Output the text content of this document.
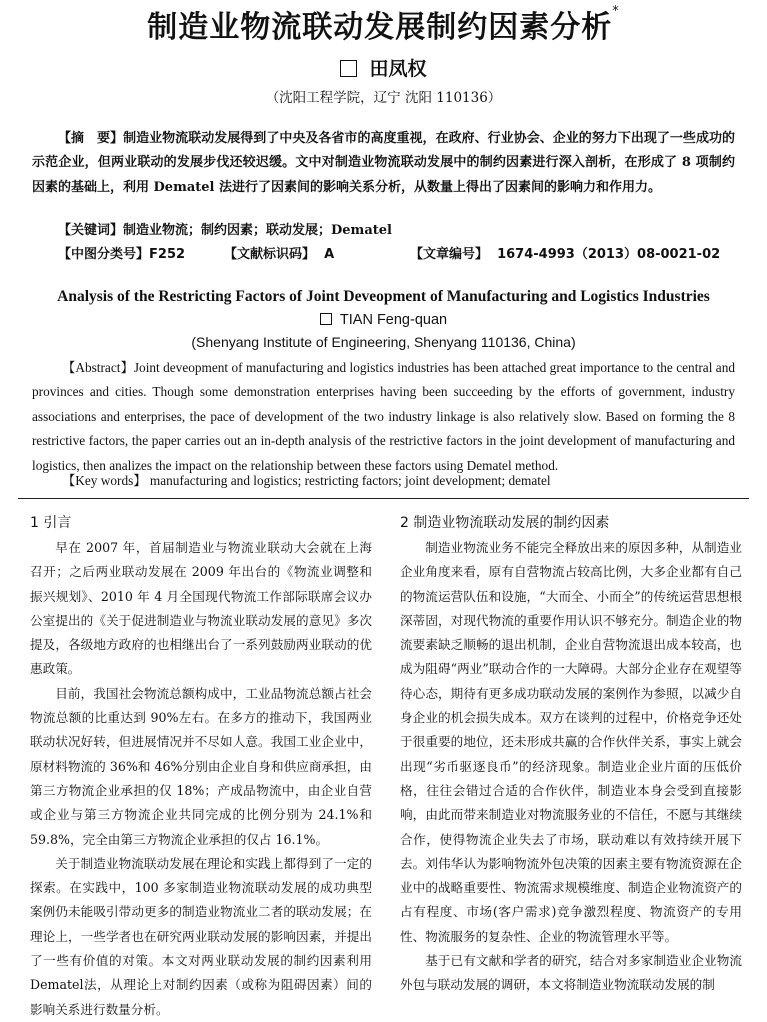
制造业物流联动发展制约因素分析*
田凤权
（沈阳工程学院，辽宁 沈阳 110136）

【摘　要】制造业物流联动发展得到了中央及各省市的高度重视，在政府、行业协会、企业的努力下出现了一些成功的示范企业，但两业联动的发展步伐还较迟缓。文中对制造业物流联动发展中的制约因素进行深入剖析，在形成了 8 项制约因素的基础上，利用 Dematel 法进行了因素间的影响关系分析，从数量上得出了因素间的影响力和作用力。

【关键词】制造业物流；制约因素；联动发展；Dematel
【中图分类号】F252	【文献标识码】 A	【文章编号】 1674-4993（2013）08-0021-02
Analysis of the Restricting Factors of Joint Deveopment of Manufacturing and Logistics Industries
TIAN Feng-quan
(Shenyang Institute of Engineering, Shenyang 110136, China)

【Abstract】Joint deveopment of manufacturing and logistics industries has been attached great importance to the central and provinces and cities. Though some demonstration enterprises having been succeeding by the efforts of government, industry associations and enterprises, the pace of development of the two industry linkage is also relatively slow. Based on forming the 8 restrictive factors, the paper carries out an in-depth analysis of the restrictive factors in the joint development of manufacturing and logistics, then analizes the impact on the relationship between these factors using Dematel method.

【Key words】 manufacturing and logistics; restricting factors; joint development; dematel
1 引言

早在 2007 年，首届制造业与物流业联动大会就在上海召开；之后两业联动发展在 2009 年出台的《物流业调整和振兴规划》、2010 年 4 月全国现代物流工作部际联席会议办公室提出的《关于促进制造业与物流业联动发展的意见》多次提及，各级地方政府的也相继出台了一系列鼓励两业联动的优惠政策。

目前，我国社会物流总额构成中，工业品物流总额占社会物流总额的比重达到 90%左右。在多方的推动下，我国两业联动状况好转，但进展情况并不尽如人意。我国工业企业中，原材料物流的 36%和 46%分别由企业自身和供应商承担，由第三方物流企业承担的仅 18%；产成品物流中，由企业自营或企业与第三方物流企业共同完成的比例分别为 24.1%和 59.8%，完全由第三方物流企业承担的仅占 16.1%。

关于制造业物流联动发展在理论和实践上都得到了一定的探索。在实践中，100 多家制造业物流联动发展的成功典型案例仍未能吸引带动更多的制造业物流业二者的联动发展；在理论上，一些学者也在研究两业联动发展的影响因素，并提出了一些有价值的对策。本文对两业联动发展的制约因素利用Dematel法，从理论上对制约因素（或称为阻碍因素）间的影响关系进行数量分析。

2 制造业物流联动发展的制约因素

制造业物流业务不能完全释放出来的原因多种，从制造业企业角度来看，原有自营物流占较高比例，大多企业都有自己的物流运营队伍和设施，“大而全、小而全”的传统运营思想根深蒂固，对现代物流的重要作用认识不够充分。制造企业的物流要素缺乏顺畅的退出机制，企业自营物流退出成本较高，也成为阻碍“两业”联动合作的一大障碍。大部分企业存在观望等待心态，期待有更多成功联动发展的案例作为参照，以减少自身企业的机会损失成本。双方在谈判的过程中，价格竞争还处于很重要的地位，还未形成共赢的合作伙伴关系，事实上就会出现“劣币驱逐良币”的经济现象。制造业企业片面的压低价格，往往会错过合适的合作伙伴，制造业本身会受到直接影响，由此而带来制造业对物流服务业的不信任，不愿与其继续合作，使得物流企业失去了市场，联动难以有效持续开展下去。刘伟华认为影响物流外包决策的因素主要有物流资源在企业中的战略重要性、物流需求规模维度、制造企业物流资产的占有程度、市场(客户需求)竞争激烈程度、物流资产的专用性、物流服务的复杂性、企业的物流管理水平等。

基于已有文献和学者的研究，结合对多家制造业企业物流外包与联动发展的调研，本文将制造业物流联动发展的制
